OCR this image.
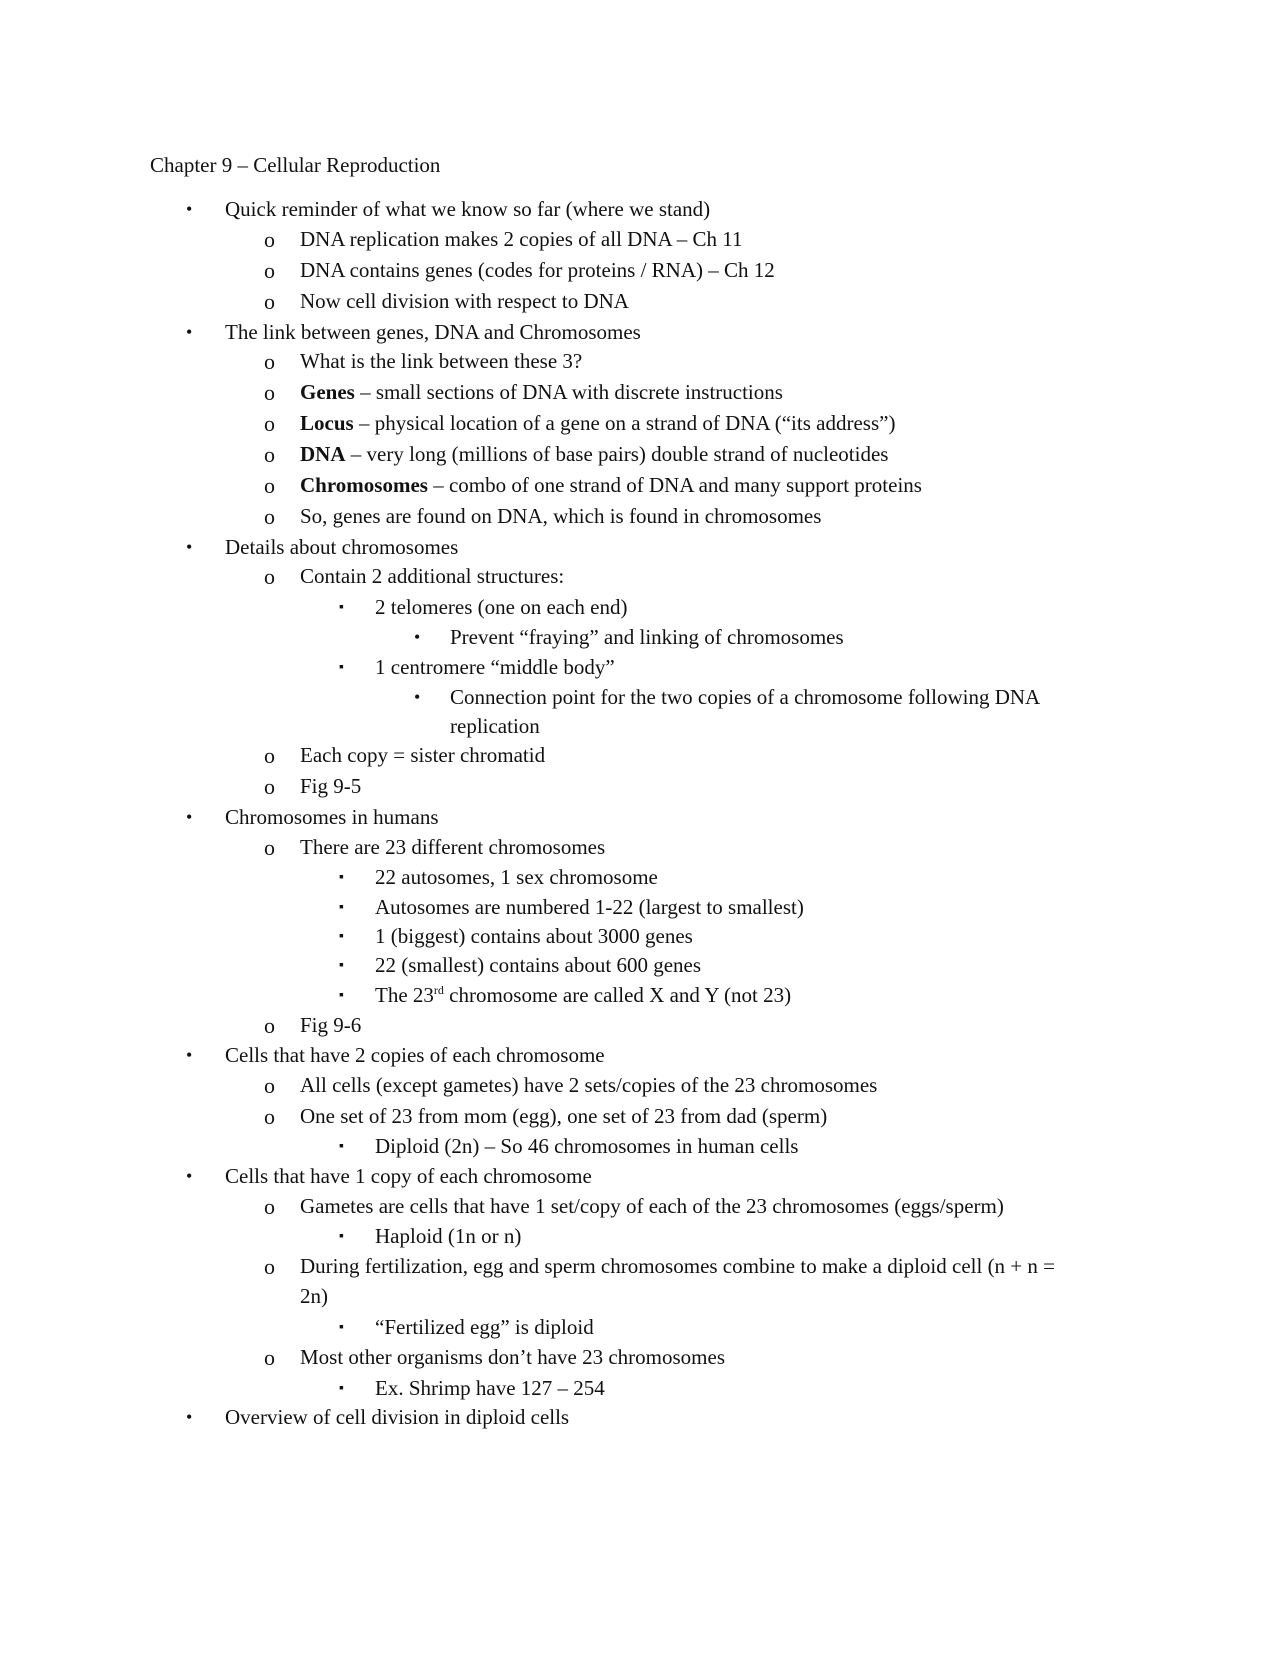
Chapter 9 – Cellular Reproduction
• Quick reminder of what we know so far (where we stand)
o DNA replication makes 2 copies of all DNA – Ch 11
o DNA contains genes (codes for proteins / RNA) – Ch 12
o Now cell division with respect to DNA
• The link between genes, DNA and Chromosomes
o What is the link between these 3?
o Genes – small sections of DNA with discrete instructions
o Locus – physical location of a gene on a strand of DNA (“its address”)
o DNA – very long (millions of base pairs) double strand of nucleotides
o Chromosomes – combo of one strand of DNA and many support proteins
o So, genes are found on DNA, which is found in chromosomes
• Details about chromosomes
o Contain 2 additional structures:
▪ 2 telomeres (one on each end)
• Prevent “fraying” and linking of chromosomes
▪ 1 centromere “middle body”
• Connection point for the two copies of a chromosome following DNA
replication
o Each copy = sister chromatid
o Fig 9-5
• Chromosomes in humans
o There are 23 different chromosomes
▪ 22 autosomes, 1 sex chromosome
▪ Autosomes are numbered 1-22 (largest to smallest)
▪ 1 (biggest) contains about 3000 genes
▪ 22 (smallest) contains about 600 genes
▪ The 23rd chromosome are called X and Y (not 23)
o Fig 9-6
• Cells that have 2 copies of each chromosome
o All cells (except gametes) have 2 sets/copies of the 23 chromosomes
o One set of 23 from mom (egg), one set of 23 from dad (sperm)
▪ Diploid (2n) – So 46 chromosomes in human cells
• Cells that have 1 copy of each chromosome
o Gametes are cells that have 1 set/copy of each of the 23 chromosomes (eggs/sperm)
▪ Haploid (1n or n)
o During fertilization, egg and sperm chromosomes combine to make a diploid cell (n + n =
2n)
▪ “Fertilized egg” is diploid
o Most other organisms don’t have 23 chromosomes
▪ Ex. Shrimp have 127 – 254
• Overview of cell division in diploid cells
